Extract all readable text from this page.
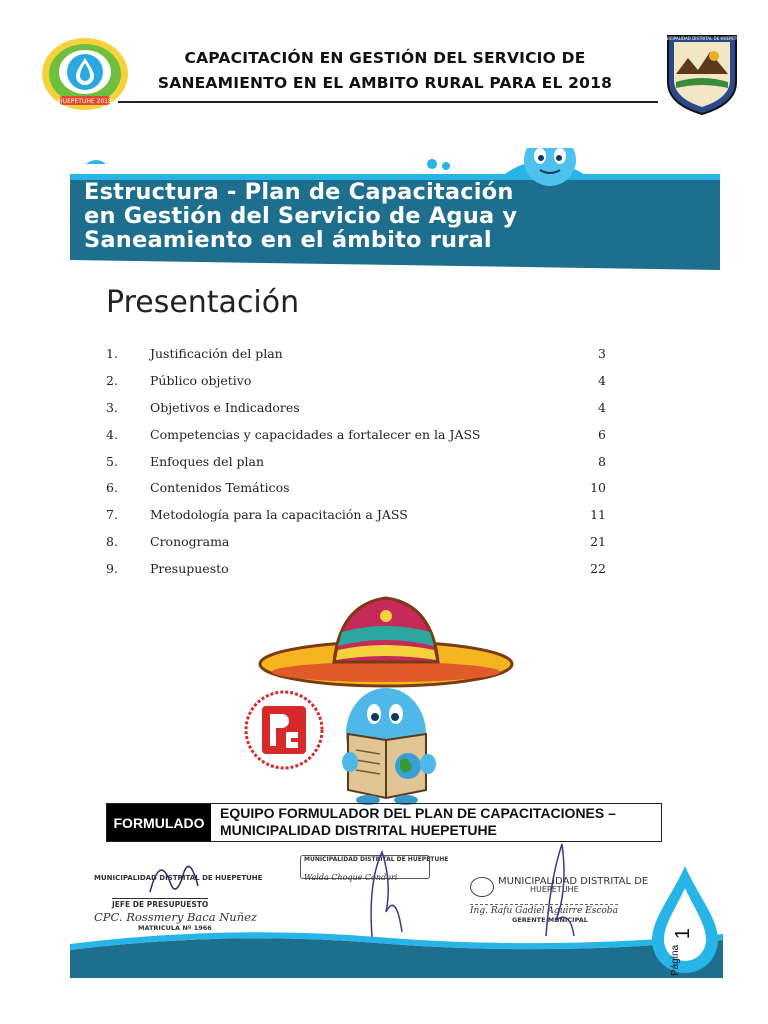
HUEPETUHE 2018
CAPACITACIÓN EN GESTIÓN DEL SERVICIO DE
SANEAMIENTO EN EL AMBITO RURAL PARA EL 2018
MUNICIPALIDAD DISTRITAL DE HUEPETUHE
Estructura - Plan de Capacitación
en Gestión del Servicio de Agua y
Saneamiento en el ámbito rural
Presentación
1.	Justificación del plan	3
2.	Público objetivo	4
3.	Objetivos e Indicadores	4
4.	Competencias y capacidades a fortalecer en la JASS	6
5.	Enfoques del plan	8
6.	Contenidos Temáticos	10
7.	Metodología para la capacitación a JASS	11
8.	Cronograma	21
9.	Presupuesto	22
FORMULADO
EQUIPO FORMULADOR DEL PLAN DE CAPACITACIONES –
MUNICIPALIDAD DISTRITAL HUEPETUHE
MUNICIPALIDAD DISTRITAL DE HUEPETUHE
JEFE DE PRESUPUESTO
CPC. Rossmery Baca Nuñez
MATRICULA Nº 1966
MUNICIPALIDAD DISTRITAL DE HUEPETUHE
Walda Choque Condori	MUNICIPALIDAD DISTRITAL DE
HUEPETUHE
Ing. Rafu Gadiel Aguirre Escoba
GERENTE MUNICIPAL
Página
1
